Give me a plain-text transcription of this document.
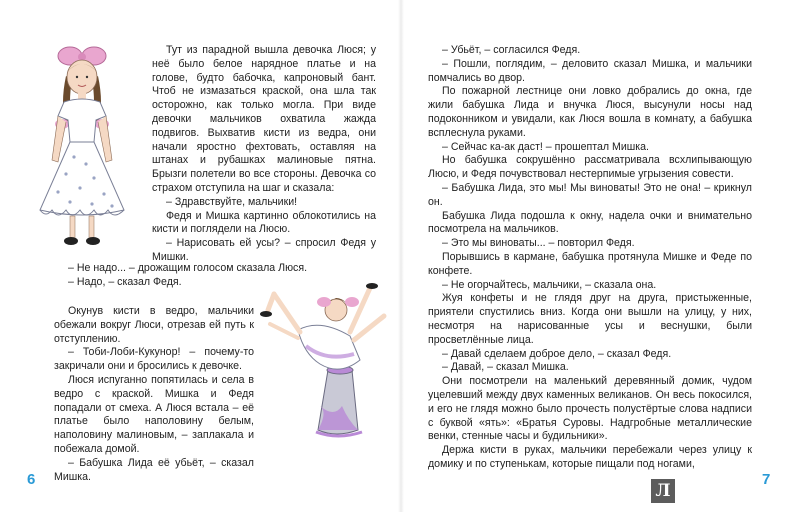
Тут из парадной вышла девочка Люся; у неё было белое нарядное платье и на голове, будто бабочка, капроновый бант. Чтоб не измазаться краской, она шла так осторожно, как только могла. При виде девочки мальчиков охватила жажда подвигов. Выхватив кисти из ведра, они начали яростно фехтовать, оставляя на штанах и рубашках малиновые пятна. Брызги полетели во все стороны. Девочка со страхом отступила на шаг и сказала:

– Здравствуйте, мальчики!

Федя и Мишка картинно облокотились на кисти и поглядели на Люсю.

– Нарисовать ей усы? – спросил Федя у Мишки.

– Не надо... – дрожащим голосом сказала Люся.

– Надо, – сказал Федя.

Окунув кисти в ведро, мальчики обежали вокруг Люси, отрезав ей путь к отступлению.

– Тоби-Лоби-Кукунор! – почему-то закричали они и бросились к девочке.

Люся испуганно попятилась и села в ведро с краской. Мишка и Федя попадали от смеха. А Люся встала – её платье было наполовину белым, наполовину малиновым, – заплакала и побежала домой.

– Бабушка Лида её убьёт, – сказал Мишка.

6

– Убьёт, – согласился Федя.

– Пошли, поглядим, – деловито сказал Мишка, и мальчики помчались во двор.

По пожарной лестнице они ловко добрались до окна, где жили бабушка Лида и внучка Люся, высунули носы над подоконником и увидали, как Люся вошла в комнату, а бабушка всплеснула руками.

– Сейчас ка-ак даст! – прошептал Мишка.

Но бабушка сокрушённо рассматривала всхлипывающую Люсю, и Федя почувствовал нестерпимые угрызения совести.

– Бабушка Лида, это мы! Мы виноваты! Это не она! – крикнул он.

Бабушка Лида подошла к окну, надела очки и внимательно посмотрела на мальчиков.

– Это мы виноваты... – повторил Федя.

Порывшись в кармане, бабушка протянула Мишке и Феде по конфете.

– Не огорчайтесь, мальчики, – сказала она.

Жуя конфеты и не глядя друг на друга, пристыженные, приятели спустились вниз. Когда они вышли на улицу, у них, несмотря на нарисованные усы и веснушки, были просветлённые лица.

– Давай сделаем доброе дело, – сказал Федя.

– Давай, – сказал Мишка.

Они посмотрели на маленький деревянный домик, чудом уцелевший между двух каменных великанов. Он весь покосился, и его не глядя можно было прочесть полустёртые слова надписи с буквой «ять»: «Братья Суровы. Надгробные металлические венки, стенные часы и будильники».

Держа кисти в руках, мальчики перебежали через улицу к домику и по ступенькам, которые пищали под ногами,

Л
7
